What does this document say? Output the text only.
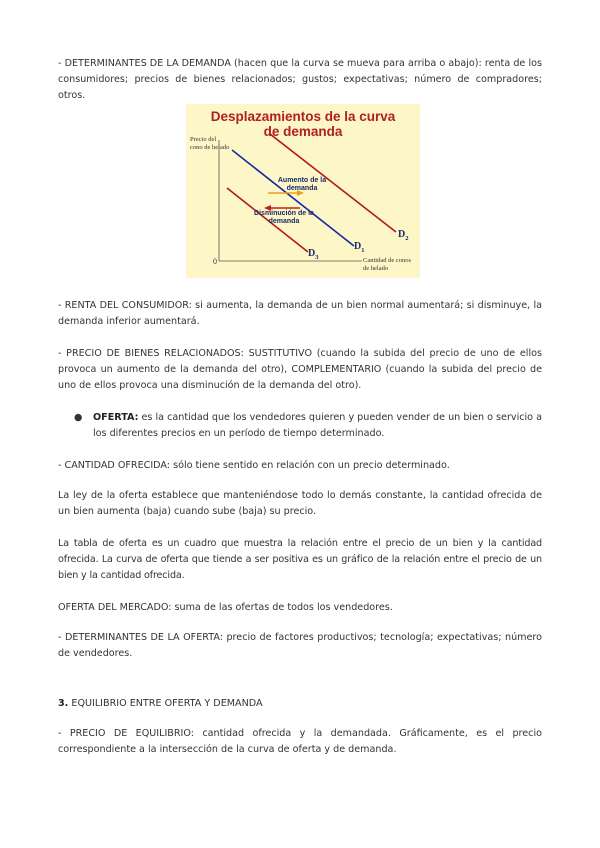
- DETERMINANTES DE LA DEMANDA (hacen que la curva se mueva para arriba o abajo): renta de los consumidores; precios de bienes relacionados; gustos; expectativas; número de compradores; otros.

Desplazamientos de la curva
de demanda
Precio del cono de helado
Cantidad de conos de helado
0
Aumento de la demanda
Disminución de la demanda
$D_1$
$D_2$
$D_3$

- RENTA DEL CONSUMIDOR: si aumenta, la demanda de un bien normal aumentará; si disminuye, la demanda inferior aumentará.

- PRECIO DE BIENES RELACIONADOS: SUSTITUTIVO (cuando la subida del precio de uno de ellos provoca un aumento de la demanda del otro), COMPLEMENTARIO (cuando la subida del precio de uno de ellos provoca una disminución de la demanda del otro).

● OFERTA: es la cantidad que los vendedores quieren y pueden vender de un bien o servicio a los diferentes precios en un período de tiempo determinado.

- CANTIDAD OFRECIDA: sólo tiene sentido en relación con un precio determinado.

La ley de la oferta establece que manteniéndose todo lo demás constante, la cantidad ofrecida de un bien aumenta (baja) cuando sube (baja) su precio.

La tabla de oferta es un cuadro que muestra la relación entre el precio de un bien y la cantidad ofrecida. La curva de oferta que tiende a ser positiva es un gráfico de la relación entre el precio de un bien y la cantidad ofrecida.

OFERTA DEL MERCADO: suma de las ofertas de todos los vendedores.

- DETERMINANTES DE LA OFERTA: precio de factores productivos; tecnología; expectativas; número de vendedores.

3. EQUILIBRIO ENTRE OFERTA Y DEMANDA

- PRECIO DE EQUILIBRIO: cantidad ofrecida y la demandada. Gráficamente, es el precio correspondiente a la intersección de la curva de oferta y de demanda.
